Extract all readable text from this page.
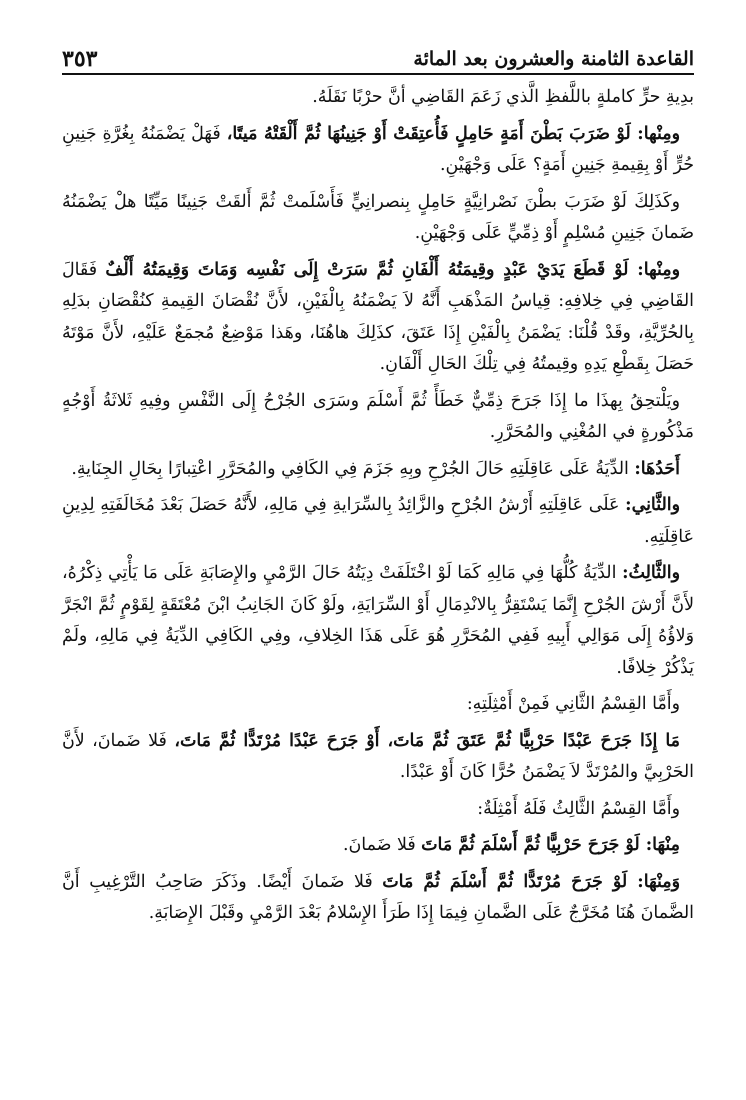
القاعدة الثامنة والعشرون بعد المائة
٣٥٣

بدِيةِ حرٍّ كاملةٍ باللَّفظِ الَّذي زَعَمَ القَاضِي أنَّ حرْبًا نَقَلَهُ.

ومِنْها: لَوْ ضَرَبَ بَطْنَ أَمَةٍ حَامِلٍ فَأُعتِقَتْ أَوْ جَنِينُهَا ثُمَّ أَلْقَتْهُ مَيتًا، فَهَلْ يَضْمَنُهُ بِغُرَّةِ جَنِينِ حُرٍّ أَوْ بِقِيمةِ جَنِينِ أَمَةٍ؟ عَلَى وَجْهَيْنِ.

وكَذَلِكَ لَوْ ضَرَبَ بطْنَ نَصْرانِيَّةٍ حَامِلٍ بِنصرانِيٍّ فَأَسْلَمتْ ثُمَّ أَلقَتْ جَنِينًا مَيِّتًا هلْ يَضْمَنُهُ ضَمانَ جَنِينِ مُسْلِمٍ أَوْ ذِمِّيٍّ عَلَى وَجْهَيْنِ.

ومِنْها: لَوْ قَطَعَ يَدَيْ عَبْدٍ وقِيمَتُهُ أَلْفَانِ ثُمَّ سَرَتْ إِلَى نَفْسِه وَمَاتَ وَقِيمَتُهُ أَلْفٌ فَقَالَ القَاضِي فِي خِلافِهِ: قِياسُ المَذْهَبِ أَنَّهُ لاَ يَضْمَنُهُ بِالْفَيْنِ، لأَنَّ نُقْصَانَ القِيمةِ كنُقْصَانِ بدَلِهِ بِالحُرِّيَّةِ، وقَدْ قُلْنَا: يَضْمَنُ بِالْفَيْنِ إِذَا عَتَقَ، كذَلِكَ هاهُنَا، وهَذا مَوْضِعٌ مُجمَعٌ عَلَيْهِ، لأَنَّ مَوْتَهُ حَصَلَ بِقَطْعِ يَدِهِ وقِيمتُهُ فِي تِلْكَ الحَالِ أَلْفَانِ.

ويَلْتحِقُ بِهذَا ما إِذَا جَرَحَ ذِمِّيٌّ خَطَأً ثُمَّ أَسْلَمَ وسَرَى الجُرْحُ إِلَى النَّفْسِ وفِيهِ ثَلاثَةُ أَوْجُهٍ مَذْكُورةٍ في المُغْنِي والمُحَرَّرِ.

أَحَدُهَا: الدِّيَةُ عَلَى عَاقِلَتِهِ حَالَ الجُرْحِ وبِهِ جَزَمَ فِي الكَافِي والمُحَرَّرِ اعْتِبارًا بِحَالِ الجِنَايةِ.

والثَّانِي: عَلَى عَاقِلَتِهِ أَرْشُ الجُرْحِ والزَّائِدُ بِالسِّرَايةِ فِي مَالِهِ، لأَنَّهُ حَصَلَ بَعْدَ مُخَالَفَتِهِ لِدِينِ عَاقِلَتِهِ.

والثَّالِثُ: الدِّيَةُ كُلُّهَا فِي مَالِهِ كَمَا لَوْ اخْتَلَفَتْ دِيَتُهُ حَالَ الرَّمْيِ والإِصَابَةِ عَلَى مَا يَأْتِي ذِكْرُهُ، لأَنَّ أَرْشَ الجُرْحِ إِنَّمَا يَسْتَقِرُّ بِالانْدِمَالِ أَوْ السِّرَايَةِ، ولَوْ كَانَ الجَانِبُ ابْنَ مُعْتَقَةٍ لِقَوْمٍ ثُمَّ انْجَرَّ وَلاؤُهُ إِلَى مَوَالِي أَبِيهِ فَفِي المُحَرَّرِ هُوَ عَلَى هَذَا الخِلافِ، وفِي الكَافِي الدِّيَةُ فِي مَالِهِ، ولَمْ يَذْكُرْ خِلافًا.

وأَمَّا القِسْمُ الثَّانِي فَمِنْ أَمْثِلَتِهِ:

مَا إِذَا جَرَحَ عَبْدًا حَرْبِيًّا ثُمَّ عَتَقَ ثُمَّ مَاتَ، أَوْ جَرَحَ عَبْدًا مُرْتَدًّا ثُمَّ مَاتَ، فَلا ضَمانَ، لأَنَّ الحَرْبِيَّ والمُرْتَدَّ لاَ يَضْمَنُ حُرًّا كَانَ أَوْ عَبْدًا.

وأَمَّا القِسْمُ الثَّالِثُ فَلَهُ أَمْثِلَةٌ:

مِنْهَا: لَوْ جَرَحَ حَرْبِيًّا ثُمَّ أَسْلَمَ ثُمَّ مَاتَ فَلا ضَمانَ.

وَمِنْهَا: لَوْ جَرَحَ مُرْتَدًّا ثُمَّ أَسْلَمَ ثُمَّ مَاتَ فَلا ضَمانَ أَيْضًا. وذَكَرَ صَاحِبُ التَّرْغِيبِ أَنَّ الضَّمانَ هُنَا مُخَرَّجٌ عَلَى الضَّمانِ فِيمَا إِذَا طَرَأَ الإِسْلامُ بَعْدَ الرَّمْيِ وقَبْلَ الإِصَابَةِ.
